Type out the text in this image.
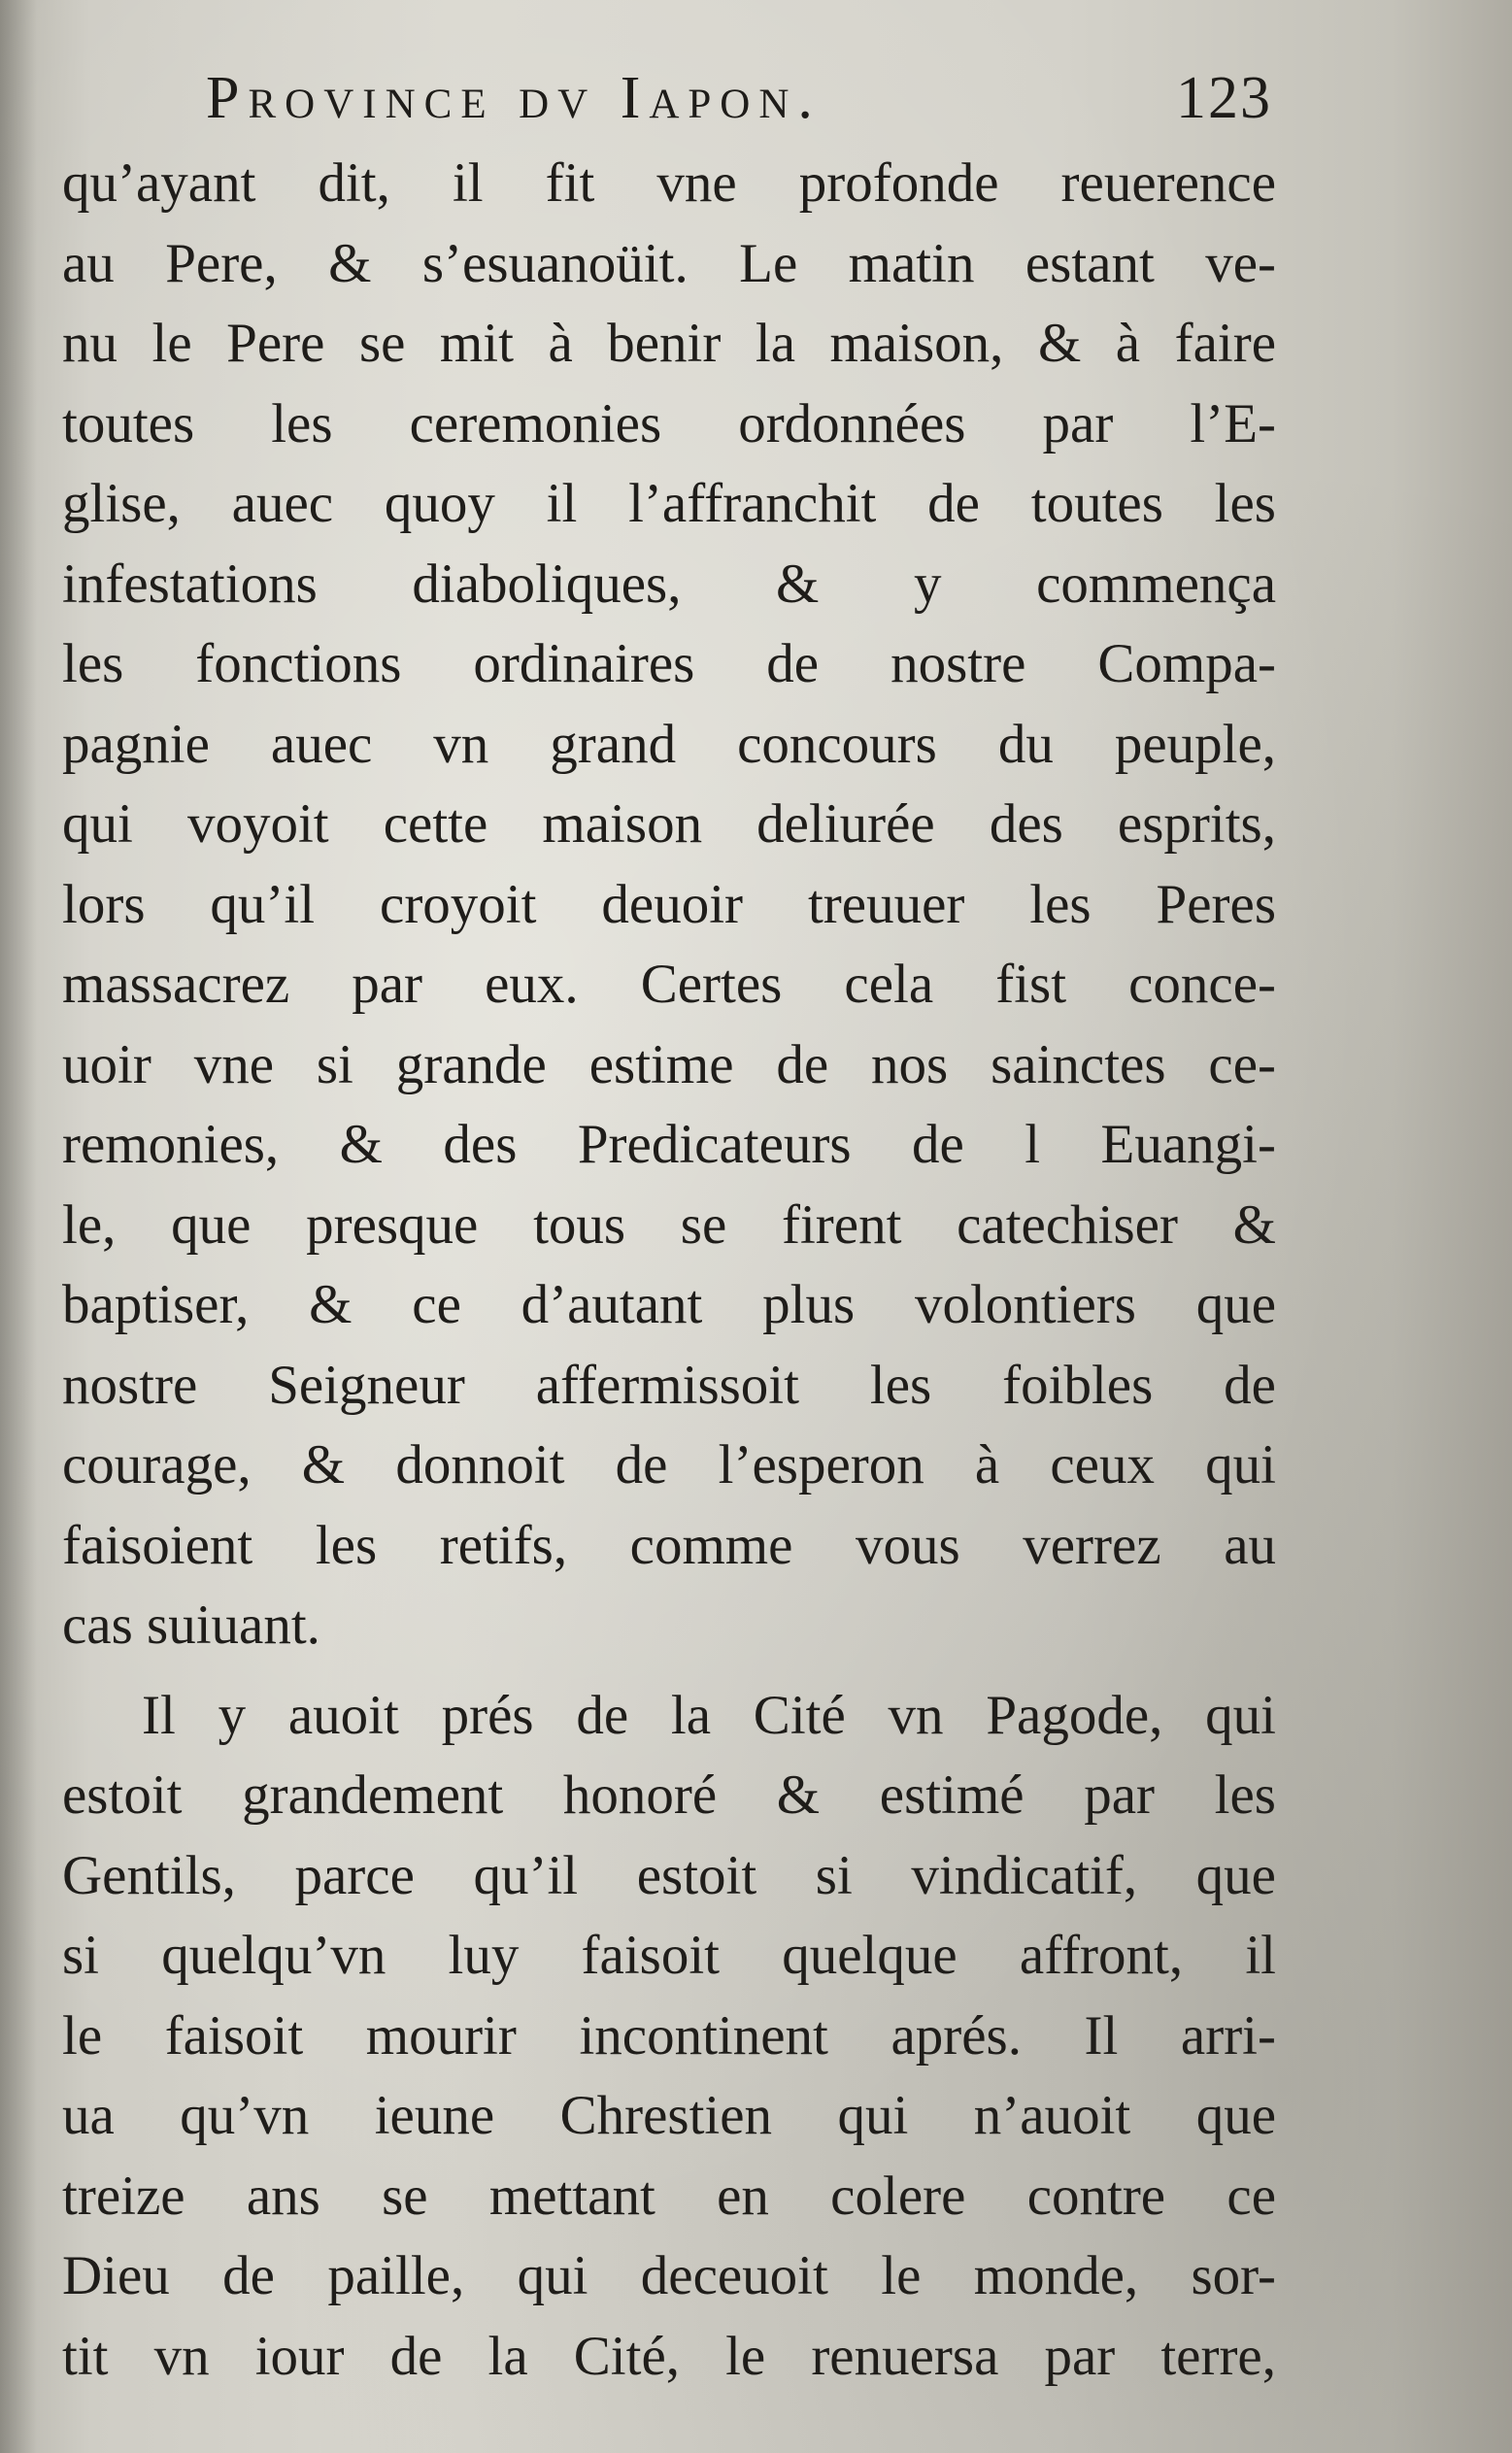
Province dv Iapon.	123
qu’ayant dit, il fit vne profonde reuerence
au Pere, & s’esuanoüit. Le matin estant ve-
nu le Pere se mit à benir la maison, & à faire
toutes les ceremonies ordonnées par l’E-
glise, auec quoy il l’affranchit de toutes les
infestations diaboliques, & y commença
les fonctions ordinaires de nostre Compa-
pagnie auec vn grand concours du peuple,
qui voyoit cette maison deliurée des esprits,
lors qu’il croyoit deuoir treuuer les Peres
massacrez par eux. Certes cela fist conce-
uoir vne si grande estime de nos sainctes ce-
remonies, & des Predicateurs de l Euangi-
le, que presque tous se firent catechiser &
baptiser, & ce d’autant plus volontiers que
nostre Seigneur affermissoit les foibles de
courage, & donnoit de l’esperon à ceux qui
faisoient les retifs, comme vous verrez au
cas suiuant.
Il y auoit prés de la Cité vn Pagode, qui
estoit grandement honoré & estimé par les
Gentils, parce qu’il estoit si vindicatif, que
si quelqu’vn luy faisoit quelque affront, il
le faisoit mourir incontinent aprés. Il arri-
ua qu’vn ieune Chrestien qui n’auoit que
treize ans se mettant en colere contre ce
Dieu de paille, qui deceuoit le monde, sor-
tit vn iour de la Cité, le renuersa par terre,
